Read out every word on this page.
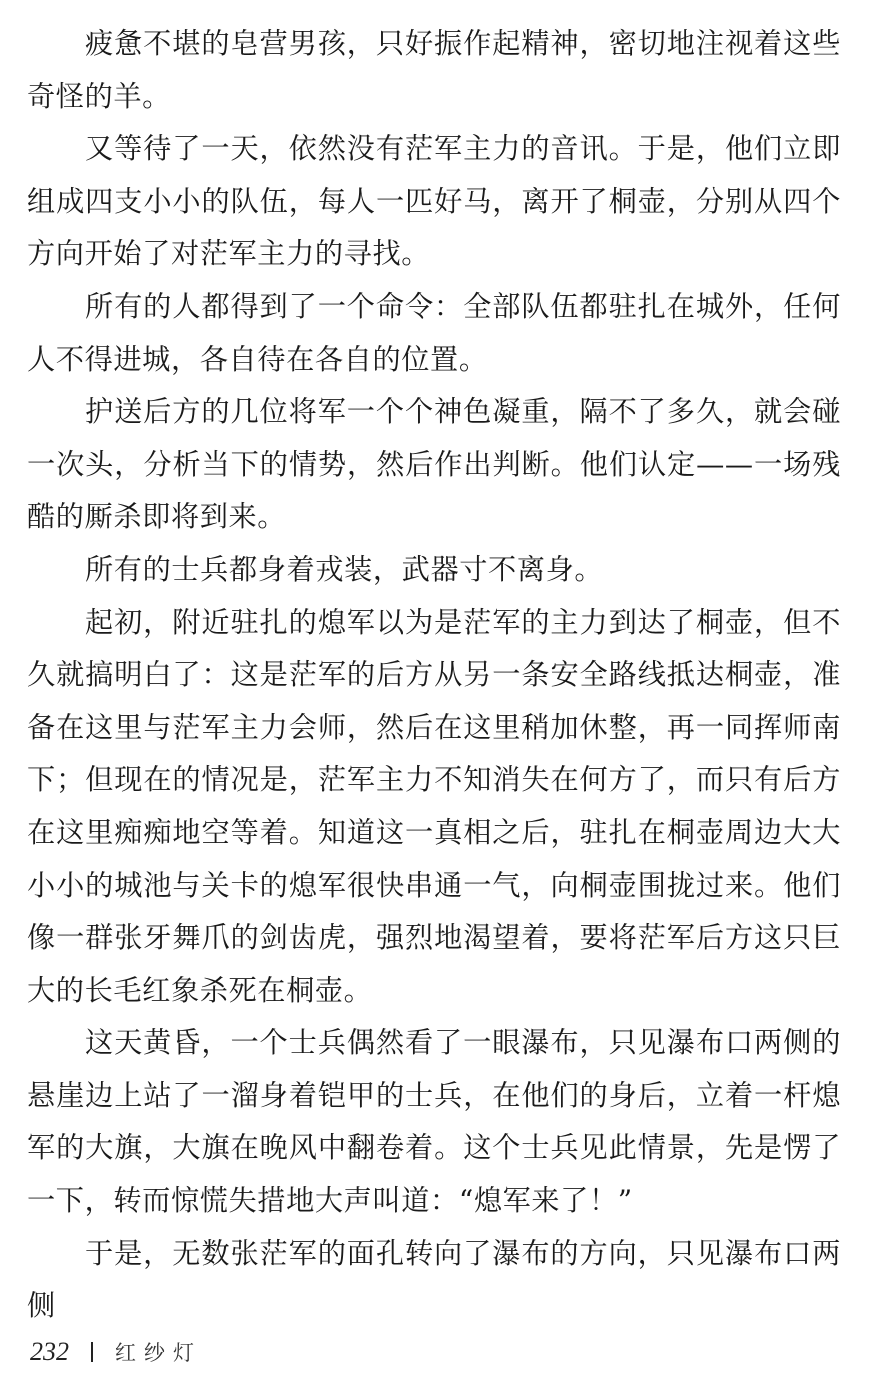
疲惫不堪的皂营男孩，只好振作起精神，密切地注视着这些奇怪的羊。

又等待了一天，依然没有茫军主力的音讯。于是，他们立即组成四支小小的队伍，每人一匹好马，离开了桐壶，分别从四个方向开始了对茫军主力的寻找。

所有的人都得到了一个命令：全部队伍都驻扎在城外，任何人不得进城，各自待在各自的位置。

护送后方的几位将军一个个神色凝重，隔不了多久，就会碰一次头，分析当下的情势，然后作出判断。他们认定——一场残酷的厮杀即将到来。

所有的士兵都身着戎装，武器寸不离身。

起初，附近驻扎的熄军以为是茫军的主力到达了桐壶，但不久就搞明白了：这是茫军的后方从另一条安全路线抵达桐壶，准备在这里与茫军主力会师，然后在这里稍加休整，再一同挥师南下；但现在的情况是，茫军主力不知消失在何方了，而只有后方在这里痴痴地空等着。知道这一真相之后，驻扎在桐壶周边大大小小的城池与关卡的熄军很快串通一气，向桐壶围拢过来。他们像一群张牙舞爪的剑齿虎，强烈地渴望着，要将茫军后方这只巨大的长毛红象杀死在桐壶。

这天黄昏，一个士兵偶然看了一眼瀑布，只见瀑布口两侧的悬崖边上站了一溜身着铠甲的士兵，在他们的身后，立着一杆熄军的大旗，大旗在晚风中翻卷着。这个士兵见此情景，先是愣了一下，转而惊慌失措地大声叫道：“熄军来了！”

于是，无数张茫军的面孔转向了瀑布的方向，只见瀑布口两侧

232 红纱灯
